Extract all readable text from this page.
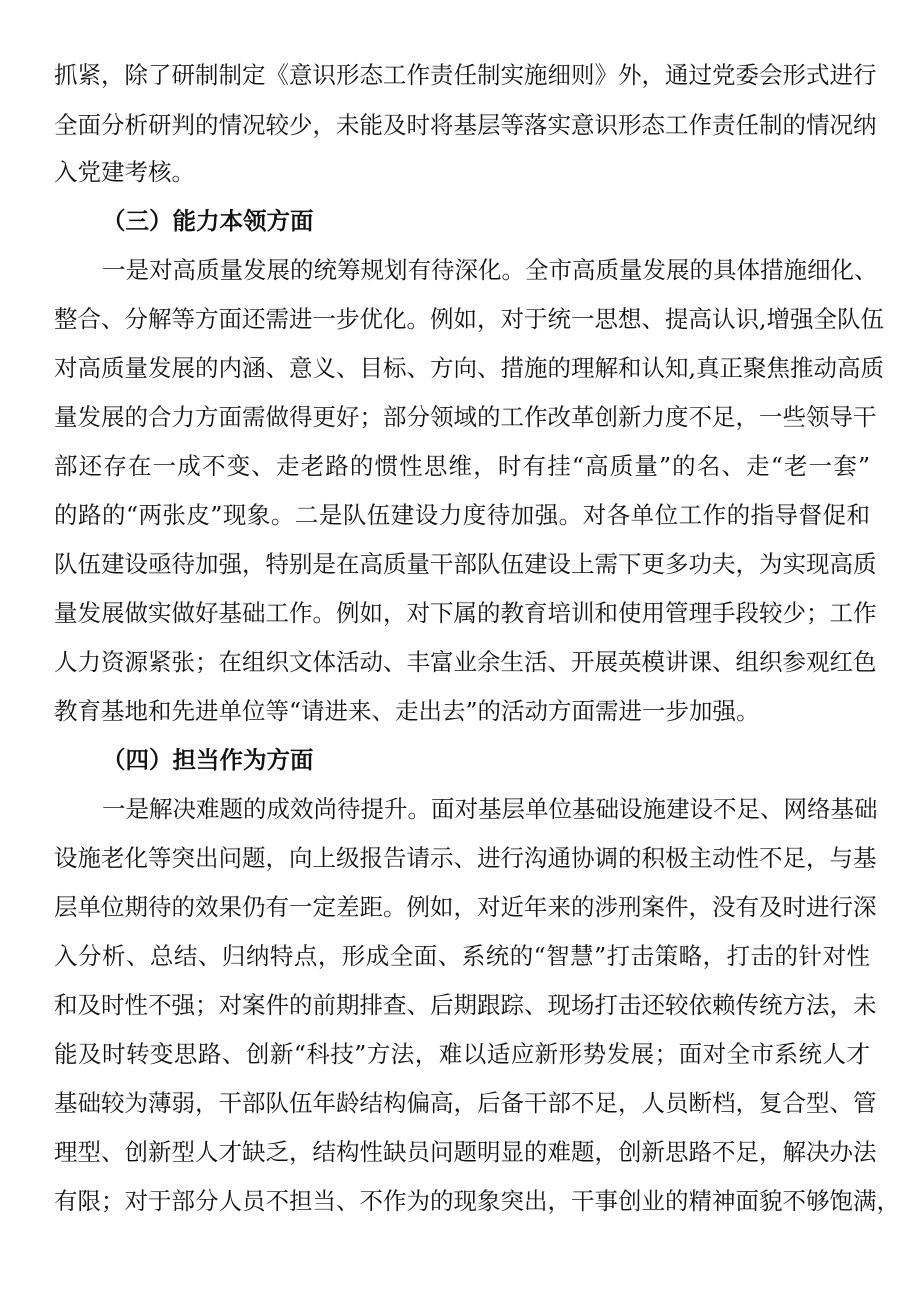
抓紧，除了研制制定《意识形态工作责任制实施细则》外，通过党委会形式进行
全面分析研判的情况较少，未能及时将基层等落实意识形态工作责任制的情况纳
入党建考核。
（三）能力本领方面
一是对高质量发展的统筹规划有待深化。全市高质量发展的具体措施细化、
整合、分解等方面还需进一步优化。例如，对于统一思想、提高认识,增强全队伍
对高质量发展的内涵、意义、目标、方向、措施的理解和认知,真正聚焦推动高质
量发展的合力方面需做得更好；部分领域的工作改革创新力度不足，一些领导干
部还存在一成不变、走老路的惯性思维，时有挂“高质量”的名、走“老一套”
的路的“两张皮”现象。二是队伍建设力度待加强。对各单位工作的指导督促和
队伍建设亟待加强，特别是在高质量干部队伍建设上需下更多功夫，为实现高质
量发展做实做好基础工作。例如，对下属的教育培训和使用管理手段较少；工作
人力资源紧张；在组织文体活动、丰富业余生活、开展英模讲课、组织参观红色
教育基地和先进单位等“请进来、走出去”的活动方面需进一步加强。
（四）担当作为方面
一是解决难题的成效尚待提升。面对基层单位基础设施建设不足、网络基础
设施老化等突出问题，向上级报告请示、进行沟通协调的积极主动性不足，与基
层单位期待的效果仍有一定差距。例如，对近年来的涉刑案件，没有及时进行深
入分析、总结、归纳特点，形成全面、系统的“智慧”打击策略，打击的针对性
和及时性不强；对案件的前期排查、后期跟踪、现场打击还较依赖传统方法，未
能及时转变思路、创新“科技”方法，难以适应新形势发展；面对全市系统人才
基础较为薄弱，干部队伍年龄结构偏高，后备干部不足，人员断档，复合型、管
理型、创新型人才缺乏，结构性缺员问题明显的难题，创新思路不足，解决办法
有限；对于部分人员不担当、不作为的现象突出，干事创业的精神面貌不够饱满，
